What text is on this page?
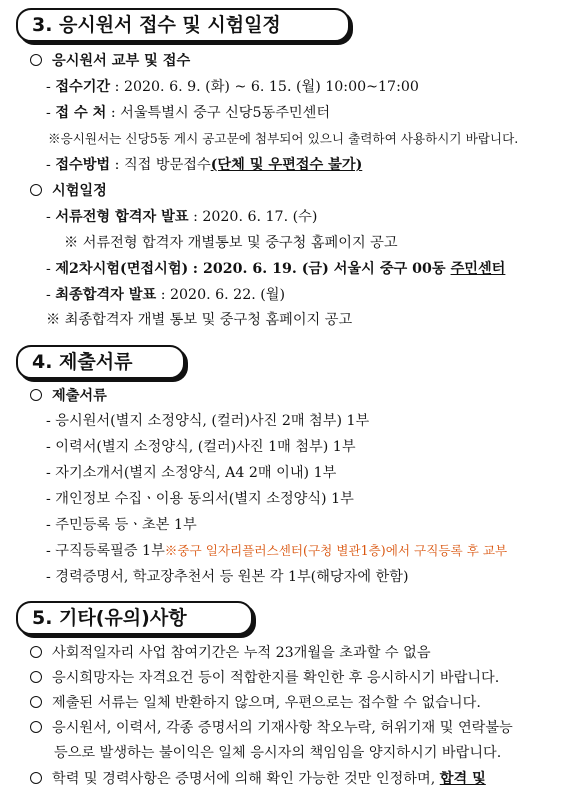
3. 응시원서 접수 및 시험일정
응시원서 교부 및 접수
- 접수기간 : 2020. 6. 9. (화) ~ 6. 15. (월) 10:00~17:00
- 접 수 처 : 서울특별시 중구 신당5동주민센터
※응시원서는 신당5동 게시 공고문에 첨부되어 있으니 출력하여 사용하시기 바랍니다.
- 접수방법 : 직접 방문접수(단체 및 우편접수 불가)
시험일정
- 서류전형 합격자 발표 : 2020. 6. 17. (수)
※ 서류전형 합격자 개별통보 및 중구청 홈페이지 공고
- 제2차시험(면접시험) : 2020. 6. 19. (금) 서울시 중구 00동 주민센터
- 최종합격자 발표 : 2020. 6. 22. (월)
※ 최종합격자 개별 통보 및 중구청 홈페이지 공고
4. 제출서류
제출서류
- 응시원서(별지 소정양식, (컬러)사진 2매 첨부) 1부
- 이력서(별지 소정양식, (컬러)사진 1매 첨부) 1부
- 자기소개서(별지 소정양식, A4 2매 이내) 1부
- 개인정보 수집ㆍ이용 동의서(별지 소정양식) 1부
- 주민등록 등ㆍ초본 1부
- 구직등록필증 1부※중구 일자리플러스센터(구청 별관1층)에서 구직등록 후 교부
- 경력증명서, 학교장추천서 등 원본 각 1부(해당자에 한함)
5. 기타(유의)사항
사회적일자리 사업 참여기간은 누적 23개월을 초과할 수 없음
응시희망자는 자격요건 등이 적합한지를 확인한 후 응시하시기 바랍니다.
제출된 서류는 일체 반환하지 않으며, 우편으로는 접수할 수 없습니다.
응시원서, 이력서, 각종 증명서의 기재사항 착오누락, 허위기재 및 연락불능
등으로 발생하는 불이익은 일체 응시자의 책임임을 양지하시기 바랍니다.
학력 및 경력사항은 증명서에 의해 확인 가능한 것만 인정하며, 합격 및
